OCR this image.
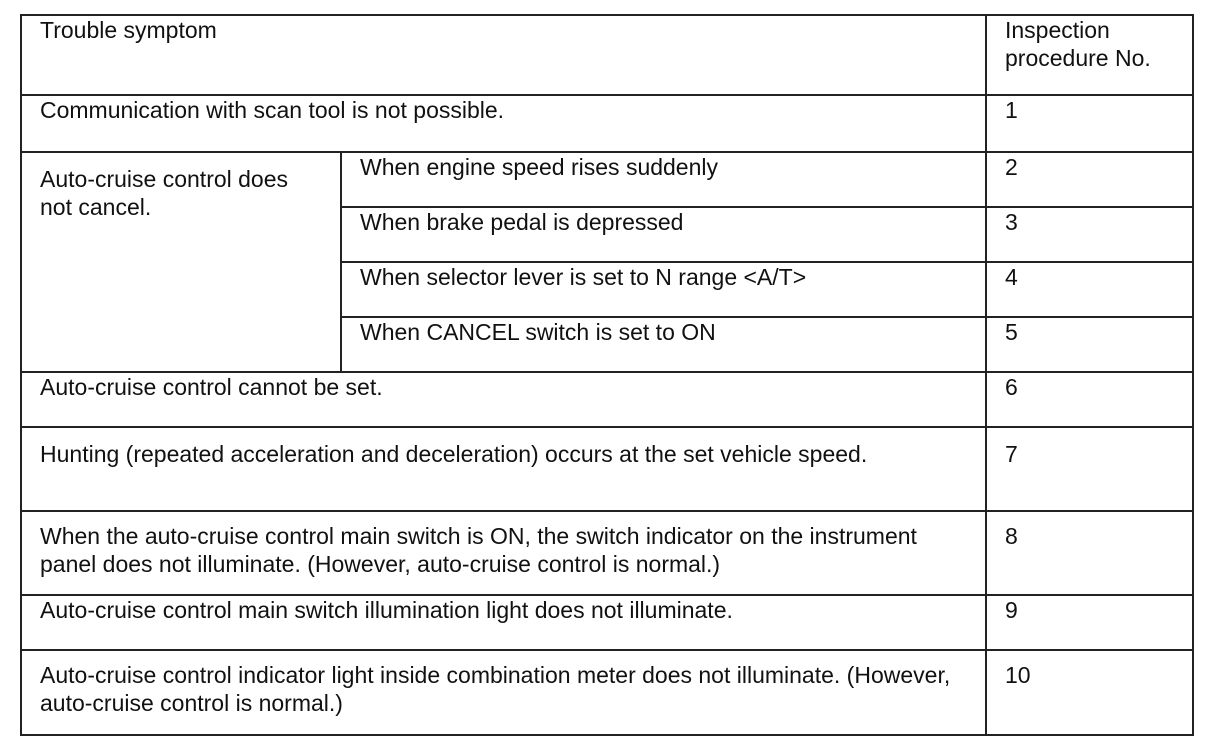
Trouble symptom		Inspection procedure No.
Communication with scan tool is not possible.		1
Auto-cruise control does not cancel.	When engine speed rises suddenly	2
	When brake pedal is depressed	3
	When selector lever is set to N range <A/T>	4
	When CANCEL switch is set to ON	5
Auto-cruise control cannot be set.		6
Hunting (repeated acceleration and deceleration) occurs at the set vehicle speed.		7
When the auto-cruise control main switch is ON, the switch indicator on the instrument panel does not illuminate. (However, auto-cruise control is normal.)		8
Auto-cruise control main switch illumination light does not illuminate.		9
Auto-cruise control indicator light inside combination meter does not illuminate. (However, auto-cruise control is normal.)		10
